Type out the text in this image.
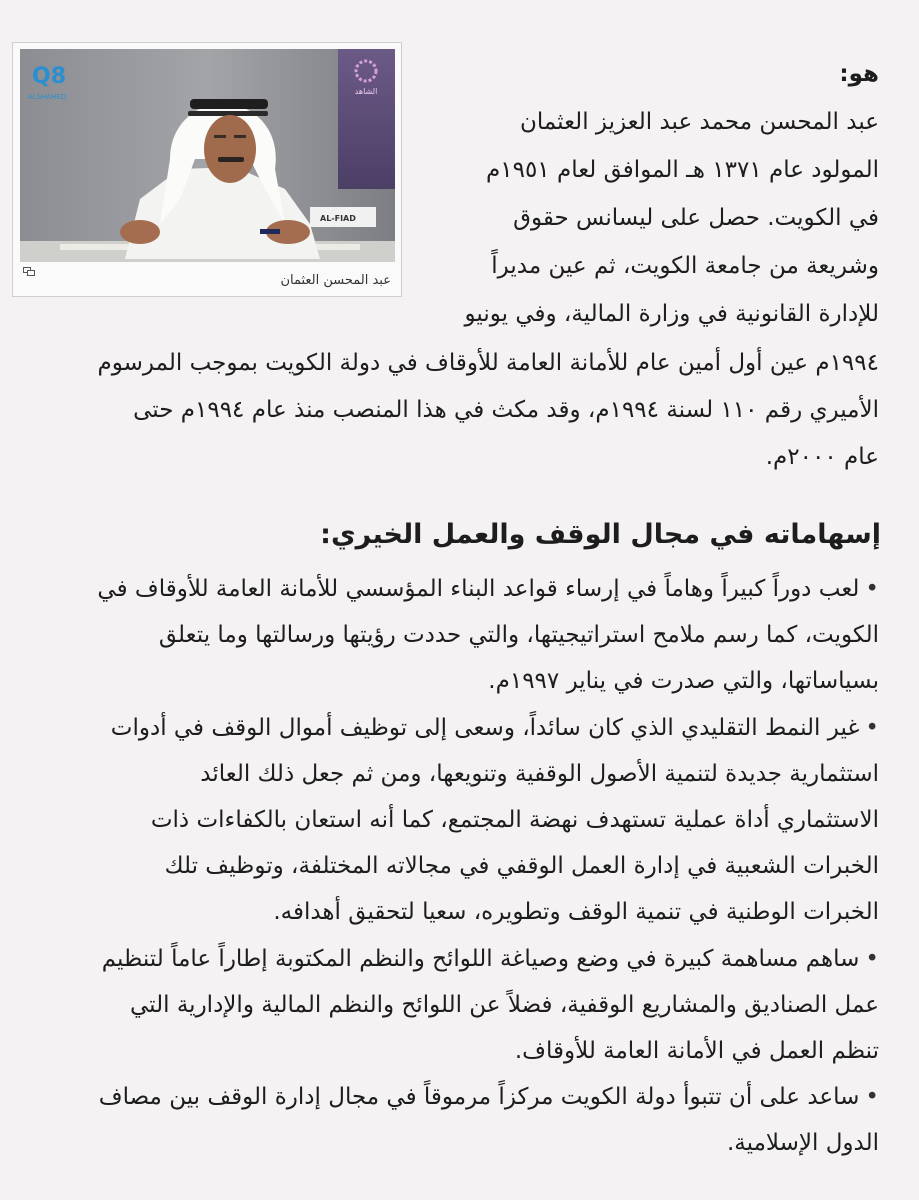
Q8
ALSHAHED
الشاهد
AL-FIAD
عبد المحسن العثمان
هو:
عبد المحسن محمد عبد العزيز العثمان
المولود عام ١٣٧١ هـ الموافق لعام ١٩٥١م
في الكويت. حصل على ليسانس حقوق
وشريعة من جامعة الكويت، ثم عين مديراً
للإدارة القانونية في وزارة المالية، وفي يونيو
١٩٩٤م عين أول أمين عام للأمانة العامة للأوقاف في دولة الكويت بموجب المرسوم
الأميري رقم ١١٠ لسنة ١٩٩٤م، وقد مكث في هذا المنصب منذ عام ١٩٩٤م حتى
عام ٢٠٠٠م.
إسهاماته في مجال الوقف والعمل الخيري:
•لعب دوراً كبيراً وهاماً في إرساء قواعد البناء المؤسسي للأمانة العامة للأوقاف في
الكويت، كما رسم ملامح استراتيجيتها، والتي حددت رؤيتها ورسالتها وما يتعلق
بسياساتها، والتي صدرت في يناير ١٩٩٧م.
•غير النمط التقليدي الذي كان سائداً، وسعى إلى توظيف أموال الوقف في أدوات
استثمارية جديدة لتنمية الأصول الوقفية وتنويعها، ومن ثم جعل ذلك العائد
الاستثماري أداة عملية تستهدف نهضة المجتمع، كما أنه استعان بالكفاءات ذات
الخبرات الشعبية في إدارة العمل الوقفي في مجالاته المختلفة، وتوظيف تلك
الخبرات الوطنية في تنمية الوقف وتطويره، سعيا لتحقيق أهدافه.
•ساهم مساهمة كبيرة في وضع وصياغة اللوائح والنظم المكتوبة إطاراً عاماً لتنظيم
عمل الصناديق والمشاريع الوقفية، فضلاً عن اللوائح والنظم المالية والإدارية التي
تنظم العمل في الأمانة العامة للأوقاف.
•ساعد على أن تتبوأ دولة الكويت مركزاً مرموقاً في مجال إدارة الوقف بين مصاف
الدول الإسلامية.
